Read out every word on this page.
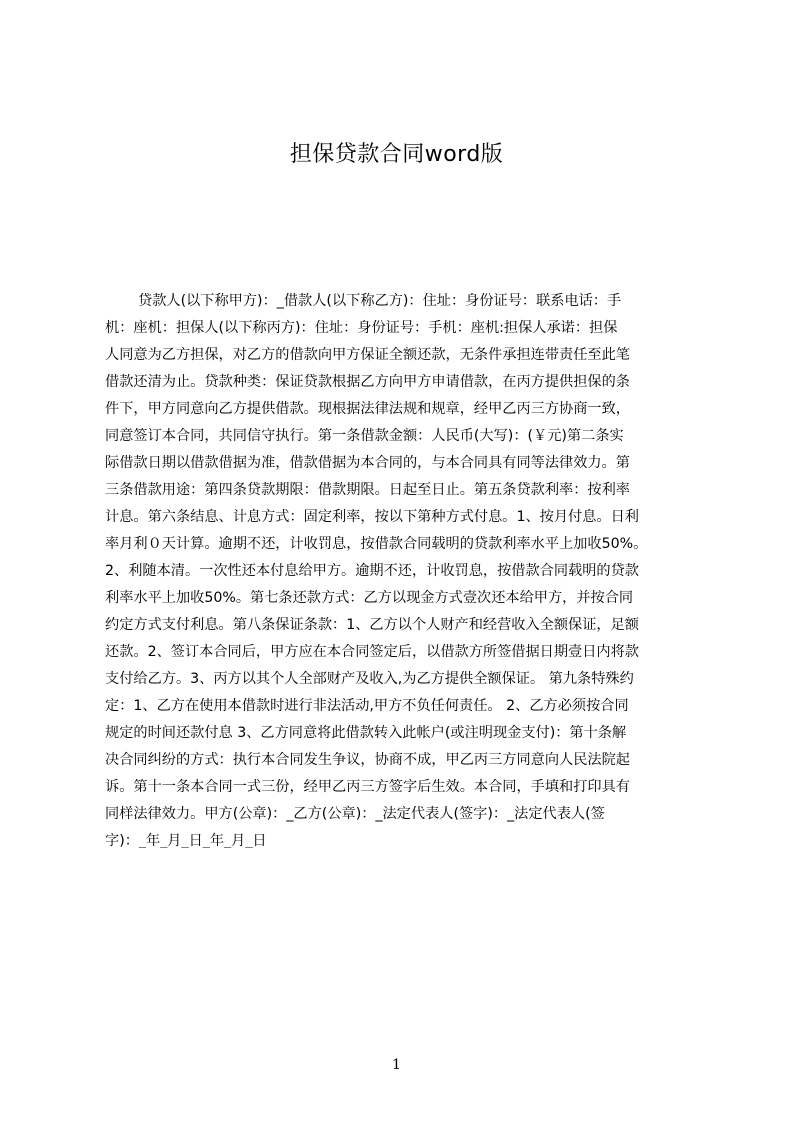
担保贷款合同word版
贷款人(以下称甲方)：_借款人(以下称乙方)：住址：身份证号：联系电话：手
机：座机：担保人(以下称丙方)：住址：身份证号：手机：座机:担保人承诺：担保
人同意为乙方担保，对乙方的借款向甲方保证全额还款，无条件承担连带责任至此笔
借款还清为止。贷款种类：保证贷款根据乙方向甲方申请借款，在丙方提供担保的条
件下，甲方同意向乙方提供借款。现根据法律法规和规章，经甲乙丙三方协商一致，
同意签订本合同，共同信守执行。第一条借款金额：人民币(大写)：(￥元)第二条实
际借款日期以借款借据为准，借款借据为本合同的，与本合同具有同等法律效力。第
三条借款用途：第四条贷款期限：借款期限。日起至日止。第五条贷款利率：按利率
计息。第六条结息、计息方式：固定利率，按以下第种方式付息。1、按月付息。日利
率月利０天计算。逾期不还，计收罚息，按借款合同载明的贷款利率水平上加收50%。
2、利随本清。一次性还本付息给甲方。逾期不还，计收罚息，按借款合同载明的贷款
利率水平上加收50%。第七条还款方式：乙方以现金方式壹次还本给甲方，并按合同
约定方式支付利息。第八条保证条款：1、乙方以个人财产和经营收入全额保证，足额
还款。2、签订本合同后，甲方应在本合同签定后，以借款方所签借据日期壹日内将款
支付给乙方。3、丙方以其个人全部财产及收入,为乙方提供全额保证。 第九条特殊约
定：1、乙方在使用本借款时进行非法活动,甲方不负任何责任。 2、乙方必须按合同
规定的时间还款付息 3、乙方同意将此借款转入此帐户(或注明现金支付)：第十条解
决合同纠纷的方式：执行本合同发生争议，协商不成，甲乙丙三方同意向人民法院起
诉。第十一条本合同一式三份，经甲乙丙三方签字后生效。本合同，手填和打印具有
同样法律效力。甲方(公章)：_乙方(公章)：_法定代表人(签字)：_法定代表人(签
字)：_年_月_日_年_月_日
1
